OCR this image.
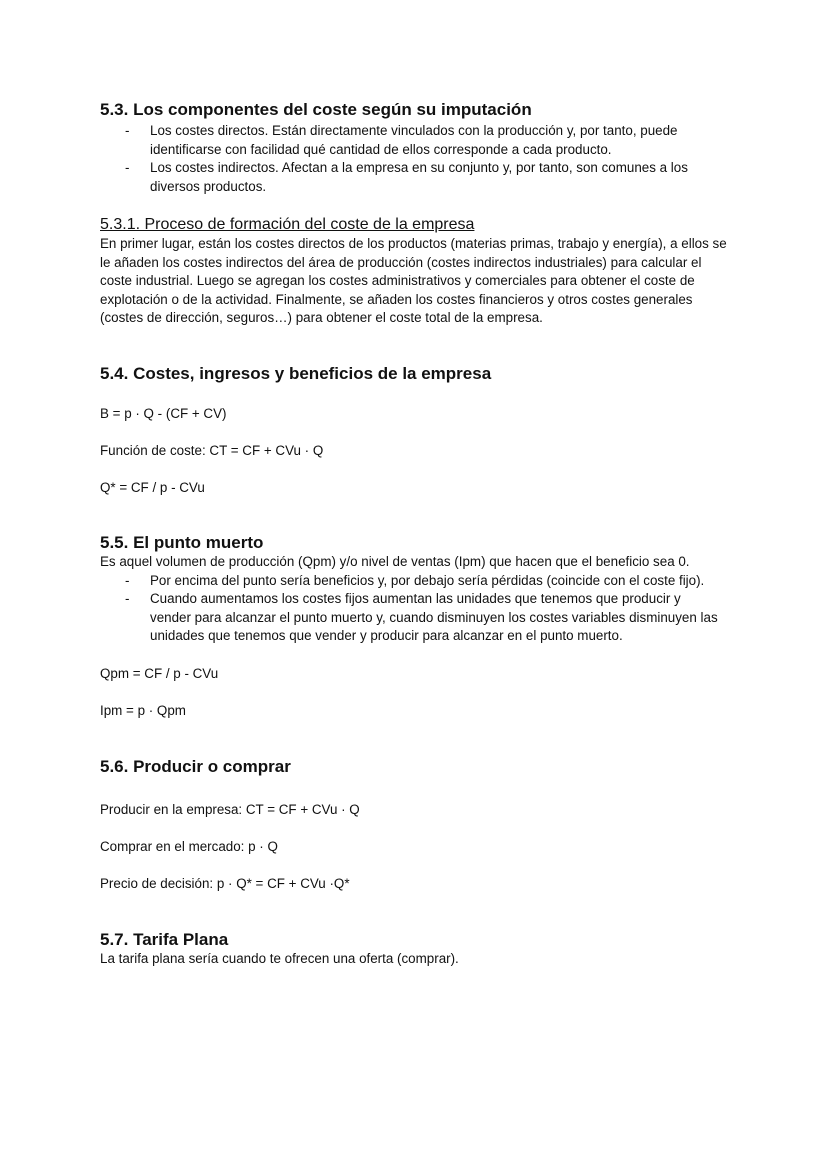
5.3. Los componentes del coste según su imputación
- Los costes directos. Están directamente vinculados con la producción y, por tanto, puede identificarse con facilidad qué cantidad de ellos corresponde a cada producto.
- Los costes indirectos. Afectan a la empresa en su conjunto y, por tanto, son comunes a los diversos productos.
5.3.1. Proceso de formación del coste de la empresa

En primer lugar, están los costes directos de los productos (materias primas, trabajo y energía), a ellos se le añaden los costes indirectos del área de producción (costes indirectos industriales) para calcular el coste industrial. Luego se agregan los costes administrativos y comerciales para obtener el coste de explotación o de la actividad. Finalmente, se añaden los costes financieros y otros costes generales (costes de dirección, seguros…) para obtener el coste total de la empresa.

5.4. Costes, ingresos y beneficios de la empresa
B = p · Q - (CF + CV)
Función de coste: CT = CF + CVu · Q
Q* = CF / p - CVu
5.5. El punto muerto

Es aquel volumen de producción (Qpm) y/o nivel de ventas (Ipm) que hacen que el beneficio sea 0.

- Por encima del punto sería beneficios y, por debajo sería pérdidas (coincide con el coste fijo).
- Cuando aumentamos los costes fijos aumentan las unidades que tenemos que producir y vender para alcanzar el punto muerto y, cuando disminuyen los costes variables disminuyen las unidades que tenemos que vender y producir para alcanzar en el punto muerto.
Qpm = CF / p - CVu
Ipm = p · Qpm
5.6. Producir o comprar
Producir en la empresa: CT = CF + CVu · Q
Comprar en el mercado: p · Q
Precio de decisión: p · Q* = CF + CVu ·Q*
5.7. Tarifa Plana

La tarifa plana sería cuando te ofrecen una oferta (comprar).
